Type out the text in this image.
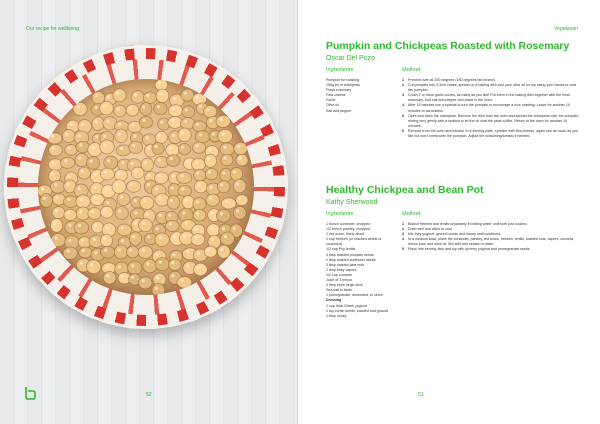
Our recipe for wellbeing
52
Vegetarian
Pumpkin and Chickpeas Roasted with Rosemary
Oscar Del Pozo
Ingredients	Method
Pumpkin for roasting
250g tin of chickpeas
Fresh rosemary
Feta cheese
Garlic
Olive oil
Salt and pepper
1	Preheat oven at 200 degrees (180 degrees fan forced).
2	Cut pumpkin into 2-3cm cubes, spread on a baking dish and pour olive oil on top using your hands to coat the pumpkin.
3	Crush 2 or more garlic cloves, as many as you like! Put them in the baking dish together with the fresh rosemary. Add salt and pepper and place in the oven.
4	After 15 minutes use a spatula to turn the pumpkin to encourage a nice roasting. Leave for another 10 minutes to caramelise.
5	Open and drain the chickpeas. Remove the dish from the oven and spread the chickpeas over the pumpkin, mixing very gently with a spatula to let the oil coat the peas a little. Return to the oven for another 10 minutes.
6	Remove from the oven and transfer to a serving plate, sprinkle with feta cheese, again use as much as you like but don't overpower the pumpkin. Adjust the seasoning/tomato if needed.
Healthy Chickpea and Bean Pot
Kathy Sherwood
Ingredients	Method
1 bunch coriander, chopped
1/2 bunch parsley, chopped
1 red onion, finely diced
1 cup freekeh (or cracked wheat or couscous)
1/2 cup Puy lentils
3 tbsp toasted pumpkin seeds
2 tbsp toasted sunflower seeds
3 tbsp toasted pine nuts
2 tbsp baby capers
1/2 cup currants
Juice of 1 lemon
3 tbsp extra virgin olive
Sea salt to taste
1 pomegranate, deseeded, to serve
Dressing
1 cup thick Greek yoghurt
1 tsp cumin seeds, toasted and ground
1 tbsp honey
1	Blanch freekeh and lentils separately in boiling water until both just cooked.
2	Drain well and allow to cool.
3	Mix they yoghurt, ground cumin and honey until combined.
4	In a medium bowl, place the coriander, parsley, red onion, freekeh, lentils, toasted nuts, capers, currants, lemon juice and olive oil. Mix well and season to taste.
5	Place into serving dish and top with yummy yoghurt and pomegranate seeds.
53
